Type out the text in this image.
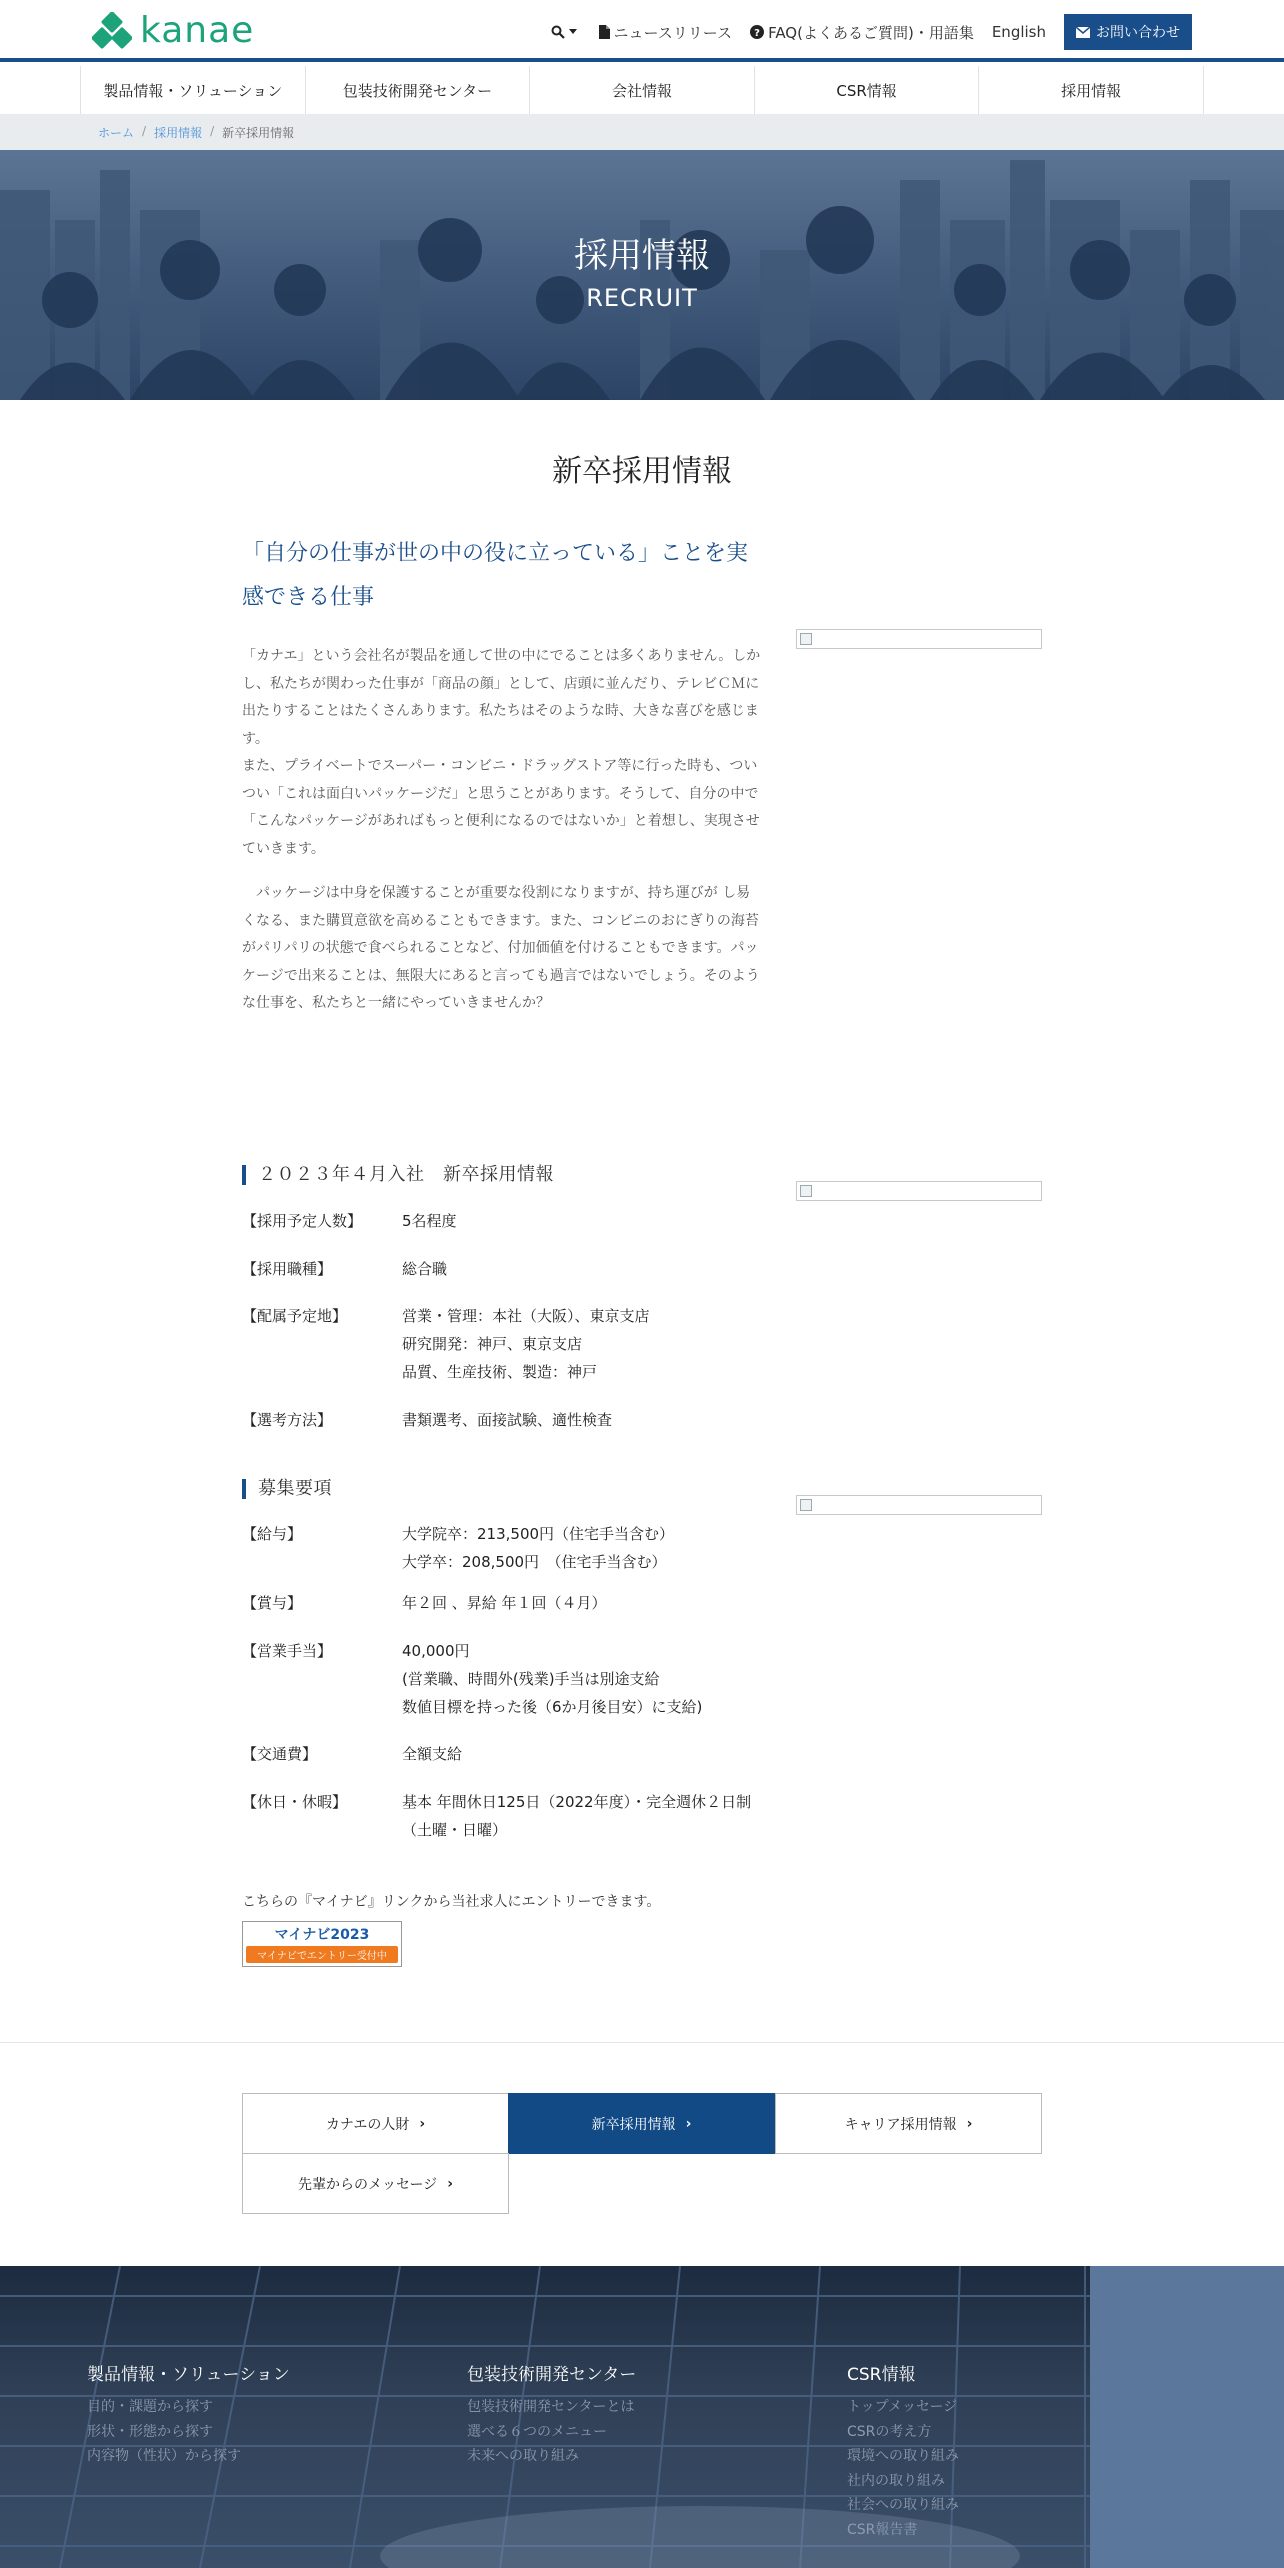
kanae	ニュースリリース ? FAQ(よくあるご質問)・用語集 English	お問い合わせ
製品情報・ソリューション	包装技術開発センター	会社情報	CSR情報	採用情報
ホーム / 採用情報 / 新卒採用情報
採用情報
RECRUIT
新卒採用情報
「自分の仕事が世の中の役に立っている」ことを実感できる仕事
「カナエ」という会社名が製品を通して世の中にでることは多くありません。しかし、私たちが関わった仕事が「商品の顔」として、店頭に並んだり、テレビＣＭに出たりすることはたくさんあります。私たちはそのような時、大きな喜びを感じます。
また、プライベートでスーパー・コンビニ・ドラッグストア等に行った時も、ついつい「これは面白いパッケージだ」と思うことがあります。そうして、自分の中で「こんなパッケージがあればもっと便利になるのではないか」と着想し、実現させていきます。
パッケージは中身を保護することが重要な役割になりますが、持ち運びが し易くなる、また購買意欲を高めることもできます。また、コンビニのおにぎりの海苔がパリパリの状態で食べられることなど、付加価値を付けることもできます。パッケージで出来ることは、無限大にあると言っても過言ではないでしょう。そのような仕事を、私たちと一緒にやっていきませんか？
２０２３年４月入社　新卒採用情報
【採用予定人数】	5名程度
【採用職種】	総合職
【配属予定地】	営業・管理：本社（大阪）、東京支店
研究開発：神戸、東京支店
品質、生産技術、製造：神戸
【選考方法】	書類選考、面接試験、適性検査
募集要項
【給与】	大学院卒：213,500円（住宅手当含む）
大学卒：208,500円　（住宅手当含む）
【賞与】	年２回 、昇給 年１回（４月）
【営業手当】	40,000円
(営業職、時間外(残業)手当は別途支給
数値目標を持った後（6か月後目安）に支給)
【交通費】	全額支給
【休日・休暇】	基本 年間休日125日（2022年度）・完全週休２日制（土曜・日曜）
こちらの『マイナビ』リンクから当社求人にエントリーできます。
マイナビ2023
マイナビでエントリー受付中
カナエの人財 ›	新卒採用情報 ›	キャリア採用情報 ›
先輩からのメッセージ ›
製品情報・ソリューション
目的・課題から探す
形状・形態から探す
内容物（性状）から探す
包装技術開発センター
包装技術開発センターとは
選べる６つのメニュー
未来への取り組み
CSR情報
トップメッセージ
CSRの考え方
環境への取り組み
社内の取り組み
社会への取り組み
CSR報告書
